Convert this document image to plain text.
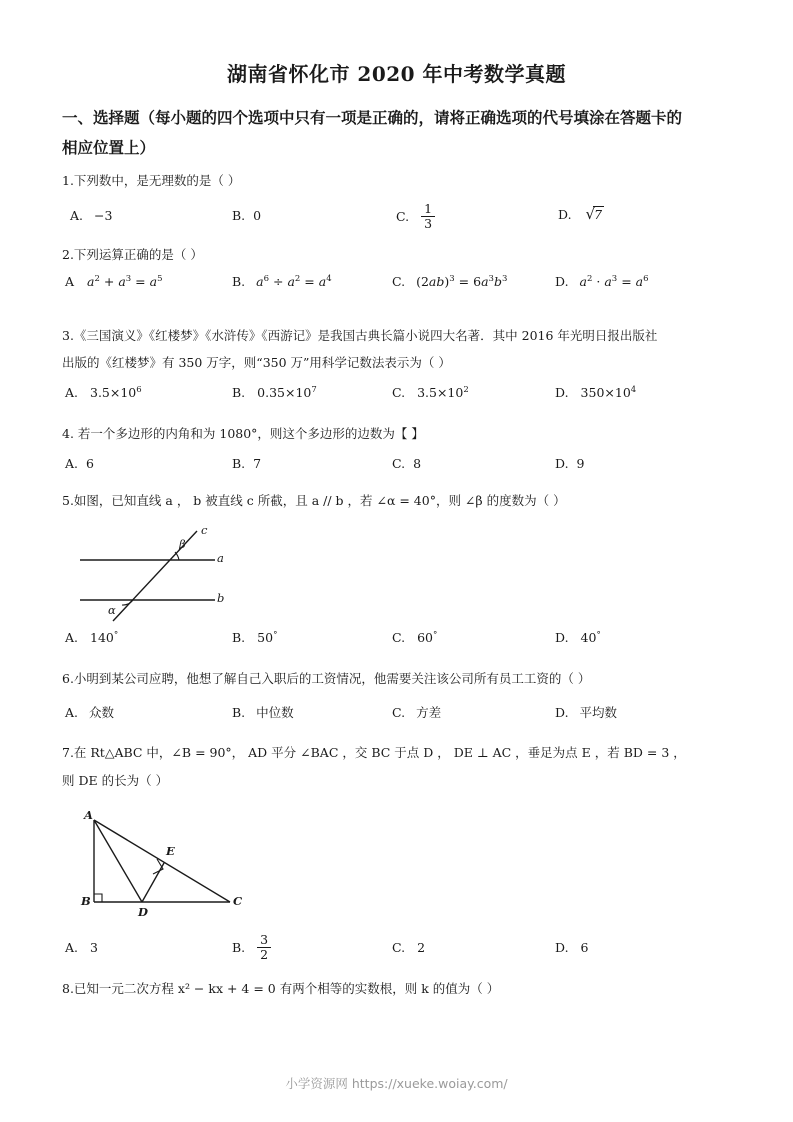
湖南省怀化市 2020 年中考数学真题
一、选择题（每小题的四个选项中只有一项是正确的，请将正确选项的代号填涂在答题卡的
相应位置上）
1.下列数中，是无理数的是（ ）
A. −3	B. 0	C. $\frac{1}{3}$	D. √7
2.下列运算正确的是（ ）
A $a^2 + a^3 = a^5$	B. $a^6 \div a^2 = a^4$	C. $(2ab)^3 = 6a^3b^3$	D. $a^2 \cdot a^3 = a^6$
3.《三国演义》《红楼梦》《水浒传》《西游记》是我国古典长篇小说四大名著．其中 2016 年光明日报出版社
出版的《红楼梦》有 350 万字，则“350 万”用科学记数法表示为（ ）
A. $3.5\times 10^6$	B. $0.35\times 10^7$	C. $3.5\times 10^2$	D. $350\times 10^4$
4. 若一个多边形的内角和为 1080°，则这个多边形的边数为【 】
A. 6	B. 7	C. 8	D. 9
5.如图，已知直线 a ， b 被直线 c 所截，且 a // b ，若 ∠α = 40°，则 ∠β 的度数为（ ）
c
a
b
α
β
A. 140°	B. 50°	C. 60°	D. 40°
6.小明到某公司应聘，他想了解自己入职后的工资情况，他需要关注该公司所有员工工资的（ ）
A. 众数	B. 中位数	C. 方差	D. 平均数
7.在 Rt△ABC 中，∠B = 90°， AD 平分 ∠BAC ，交 BC 于点 D ， DE ⊥ AC ，垂足为点 E ，若 BD = 3 ，
则 DE 的长为（ ）
A
B	C
D
E
A. 3	B. $\frac{3}{2}$	C. 2	D. 6
8.已知一元二次方程 x² − kx + 4 = 0 有两个相等的实数根，则 k 的值为（ ）
小学资源网 https://xueke.woiay.com/
